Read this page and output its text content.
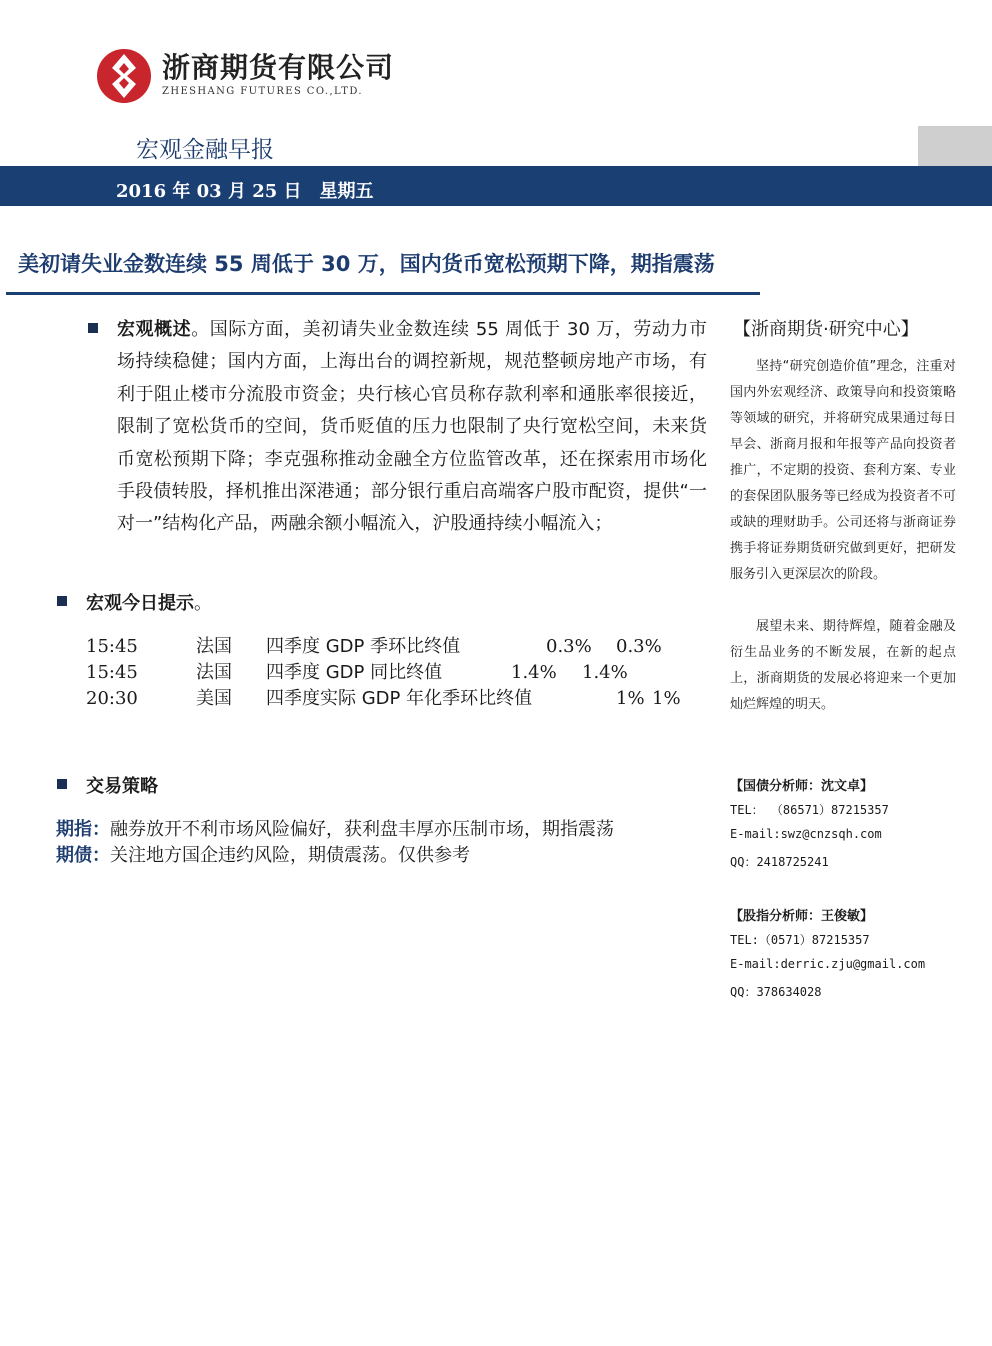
浙商期货有限公司
ZHESHANG FUTURES CO.,LTD.
宏观金融早报
2016 年 03 月 25 日 星期五
美初请失业金数连续 55 周低于 30 万，国内货币宽松预期下降，期指震荡
宏观概述。国际方面，美初请失业金数连续 55 周低于 30 万，劳动力市场持续稳健；国内方面，上海出台的调控新规，规范整顿房地产市场，有利于阻止楼市分流股市资金；央行核心官员称存款利率和通胀率很接近，限制了宽松货币的空间，货币贬值的压力也限制了央行宽松空间，未来货币宽松预期下降；李克强称推动金融全方位监管改革，还在探索用市场化手段债转股，择机推出深港通；部分银行重启高端客户股市配资，提供“一对一”结构化产品，两融余额小幅流入，沪股通持续小幅流入；
宏观今日提示。
15:45	法国 四季度 GDP 季环比终值	0.3% 0.3%
15:45	法国 四季度 GDP 同比终值	1.4% 1.4%
20:30	美国 四季度实际 GDP 年化季环比终值	1% 1%
交易策略
期指：融券放开不利市场风险偏好，获利盘丰厚亦压制市场，期指震荡
期债：关注地方国企违约风险，期债震荡。仅供参考
【浙商期货·研究中心】
坚持“研究创造价值”理念，注重对国内外宏观经济、政策导向和投资策略等领域的研究，并将研究成果通过每日早会、浙商月报和年报等产品向投资者推广，不定期的投资、套利方案、专业的套保团队服务等已经成为投资者不可或缺的理财助手。公司还将与浙商证券携手将证券期货研究做到更好，把研发服务引入更深层次的阶段。
展望未来、期待辉煌，随着金融及衍生品业务的不断发展，在新的起点上，浙商期货的发展必将迎来一个更加灿烂辉煌的明天。
【国债分析师：沈文卓】
TEL： （86571）87215357
E-mail:swz@cnzsqh.com
QQ：2418725241
【股指分析师：王俊敏】
TEL:（0571）87215357
E-mail:derric.zju@gmail.com
QQ：378634028
